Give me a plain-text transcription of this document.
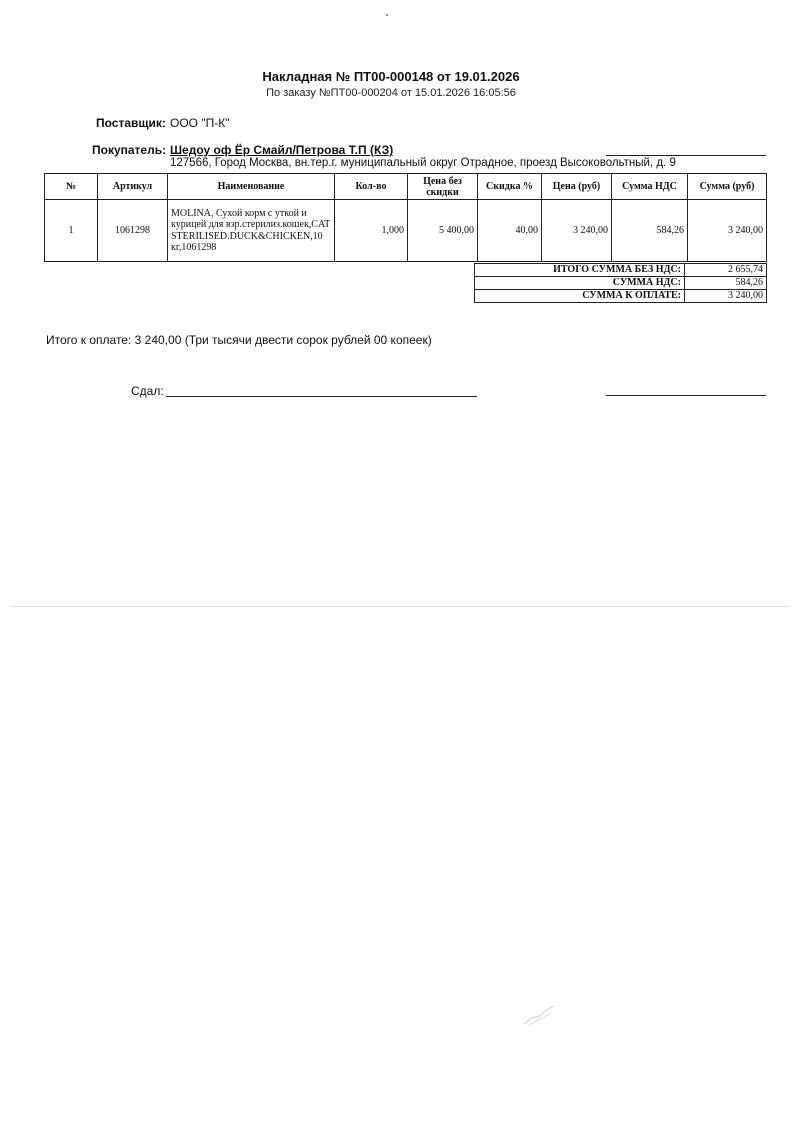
Накладная № ПТ00-000148 от 19.01.2026
По заказу №ПТ00-000204 от 15.01.2026 16:05:56
Поставщик: ООО "П-К"
Покупатель: Шедоу оф Ёр Смайл/Петрова Т.П (КЗ)
127566, Город Москва, вн.тер.г. муниципальный округ Отрадное, проезд Высоковольтный, д. 9
№	Артикул	Наименование	Кол-во	Цена без скидки	Скидка %	Цена (руб)	Сумма НДС	Сумма (руб)
1	1061298	MOLINA, Сухой корм с уткой и курицей для взр.стерилиз.кошек,CAT STERILISED.DUCK&CHICKEN,10 кг,1061298	1,000	5 400,00	40,00	3 240,00	584,26	3 240,00
ИТОГО СУММА БЕЗ НДС:	2 655,74
СУММА НДС:	584,26
СУММА К ОПЛАТЕ:	3 240,00
Итого к оплате: 3 240,00 (Три тысячи двести сорок рублей 00 копеек)
Сдал:
